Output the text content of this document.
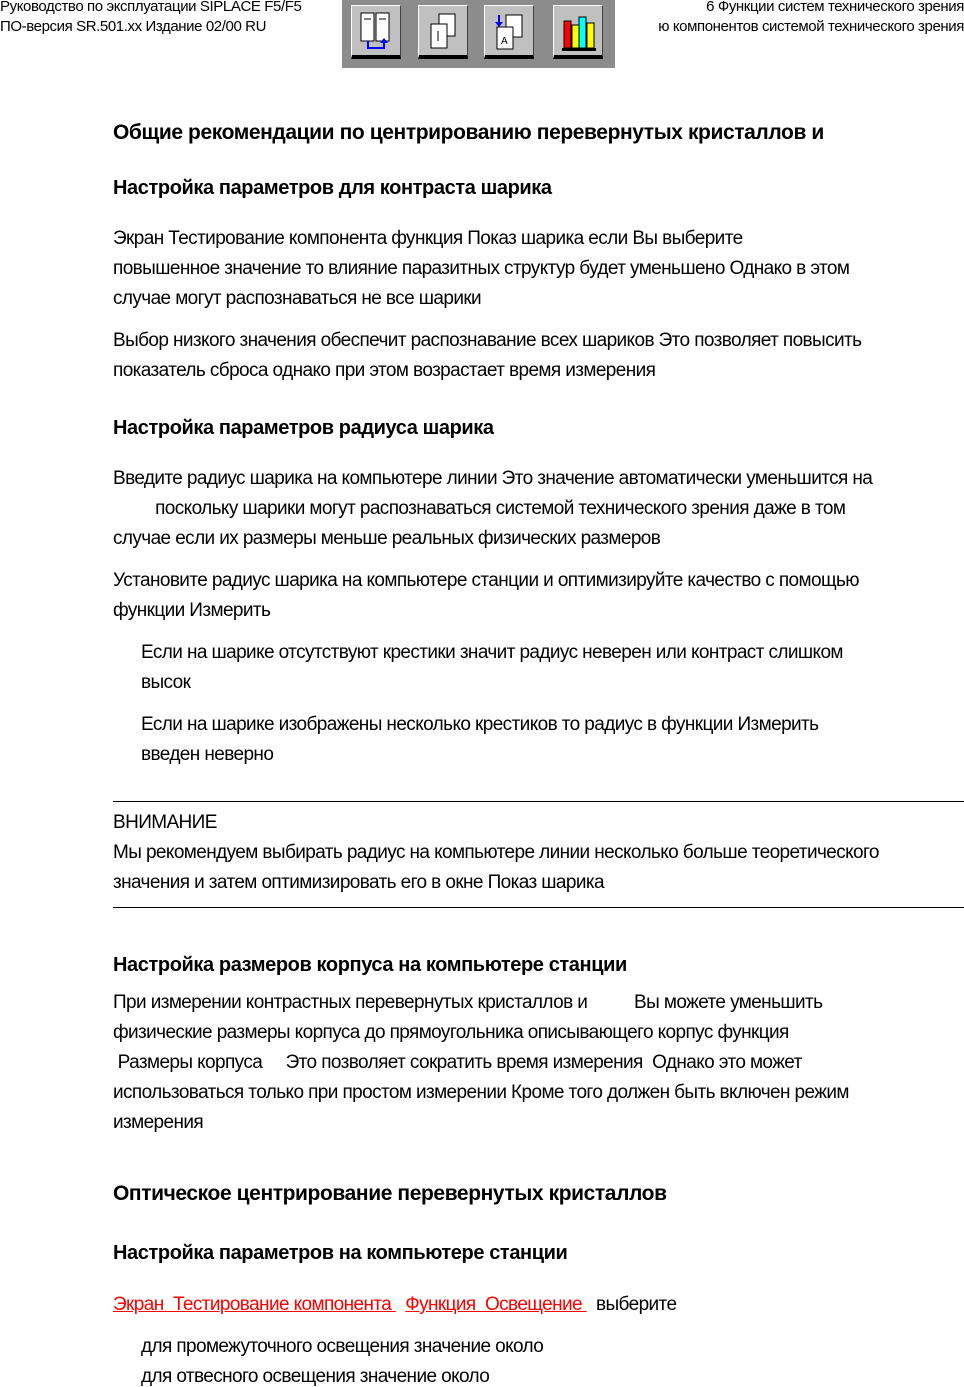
Руководство по эксплуатации SIPLACE F5/F5
ПО-версия SR.501.xx Издание 02/00 RU
6 Функции систем технического зрения
ю компонентов системой технического зрения
A
Общие рекомендации по центрированию перевернутых кристаллов и
Настройка параметров для контраста шарика
Экран Тестирование компонента функция Показ шарика если Вы выберите
повышенное значение то влияние паразитных структур будет уменьшено Однако в этом
случае могут распознаваться не все шарики
Выбор низкого значения обеспечит распознавание всех шариков Это позволяет повысить
показатель сброса однако при этом возрастает время измерения
Настройка параметров радиуса шарика
Введите радиус шарика на компьютере линии Это значение автоматически уменьшится на
поскольку шарики могут распознаваться системой технического зрения даже в том
случае если их размеры меньше реальных физических размеров
Установите радиус шарика на компьютере станции и оптимизируйте качество с помощью
функции Измерить
Если на шарике отсутствуют крестики значит радиус неверен или контраст слишком
высок
Если на шарике изображены несколько крестиков то радиус в функции Измерить
введен неверно
ВНИМАНИЕ
Мы рекомендуем выбирать радиус на компьютере линии несколько больше теоретического
значения и затем оптимизировать его в окне Показ шарика
Настройка размеров корпуса на компьютере станции
При измерении контрастных перевернутых кристаллов и          Вы можете уменьшить
физические размеры корпуса до прямоугольника описывающего корпус функция
Размеры корпуса     Это позволяет сократить время измерения  Однако это может
использоваться только при простом измерении Кроме того должен быть включен режим
измерения
Оптическое центрирование перевернутых кристаллов
Настройка параметров на компьютере станции
Экран  Тестирование компонента   Функция  Освещение   выберите
для промежуточного освещения значение около
для отвесного освещения значение около
